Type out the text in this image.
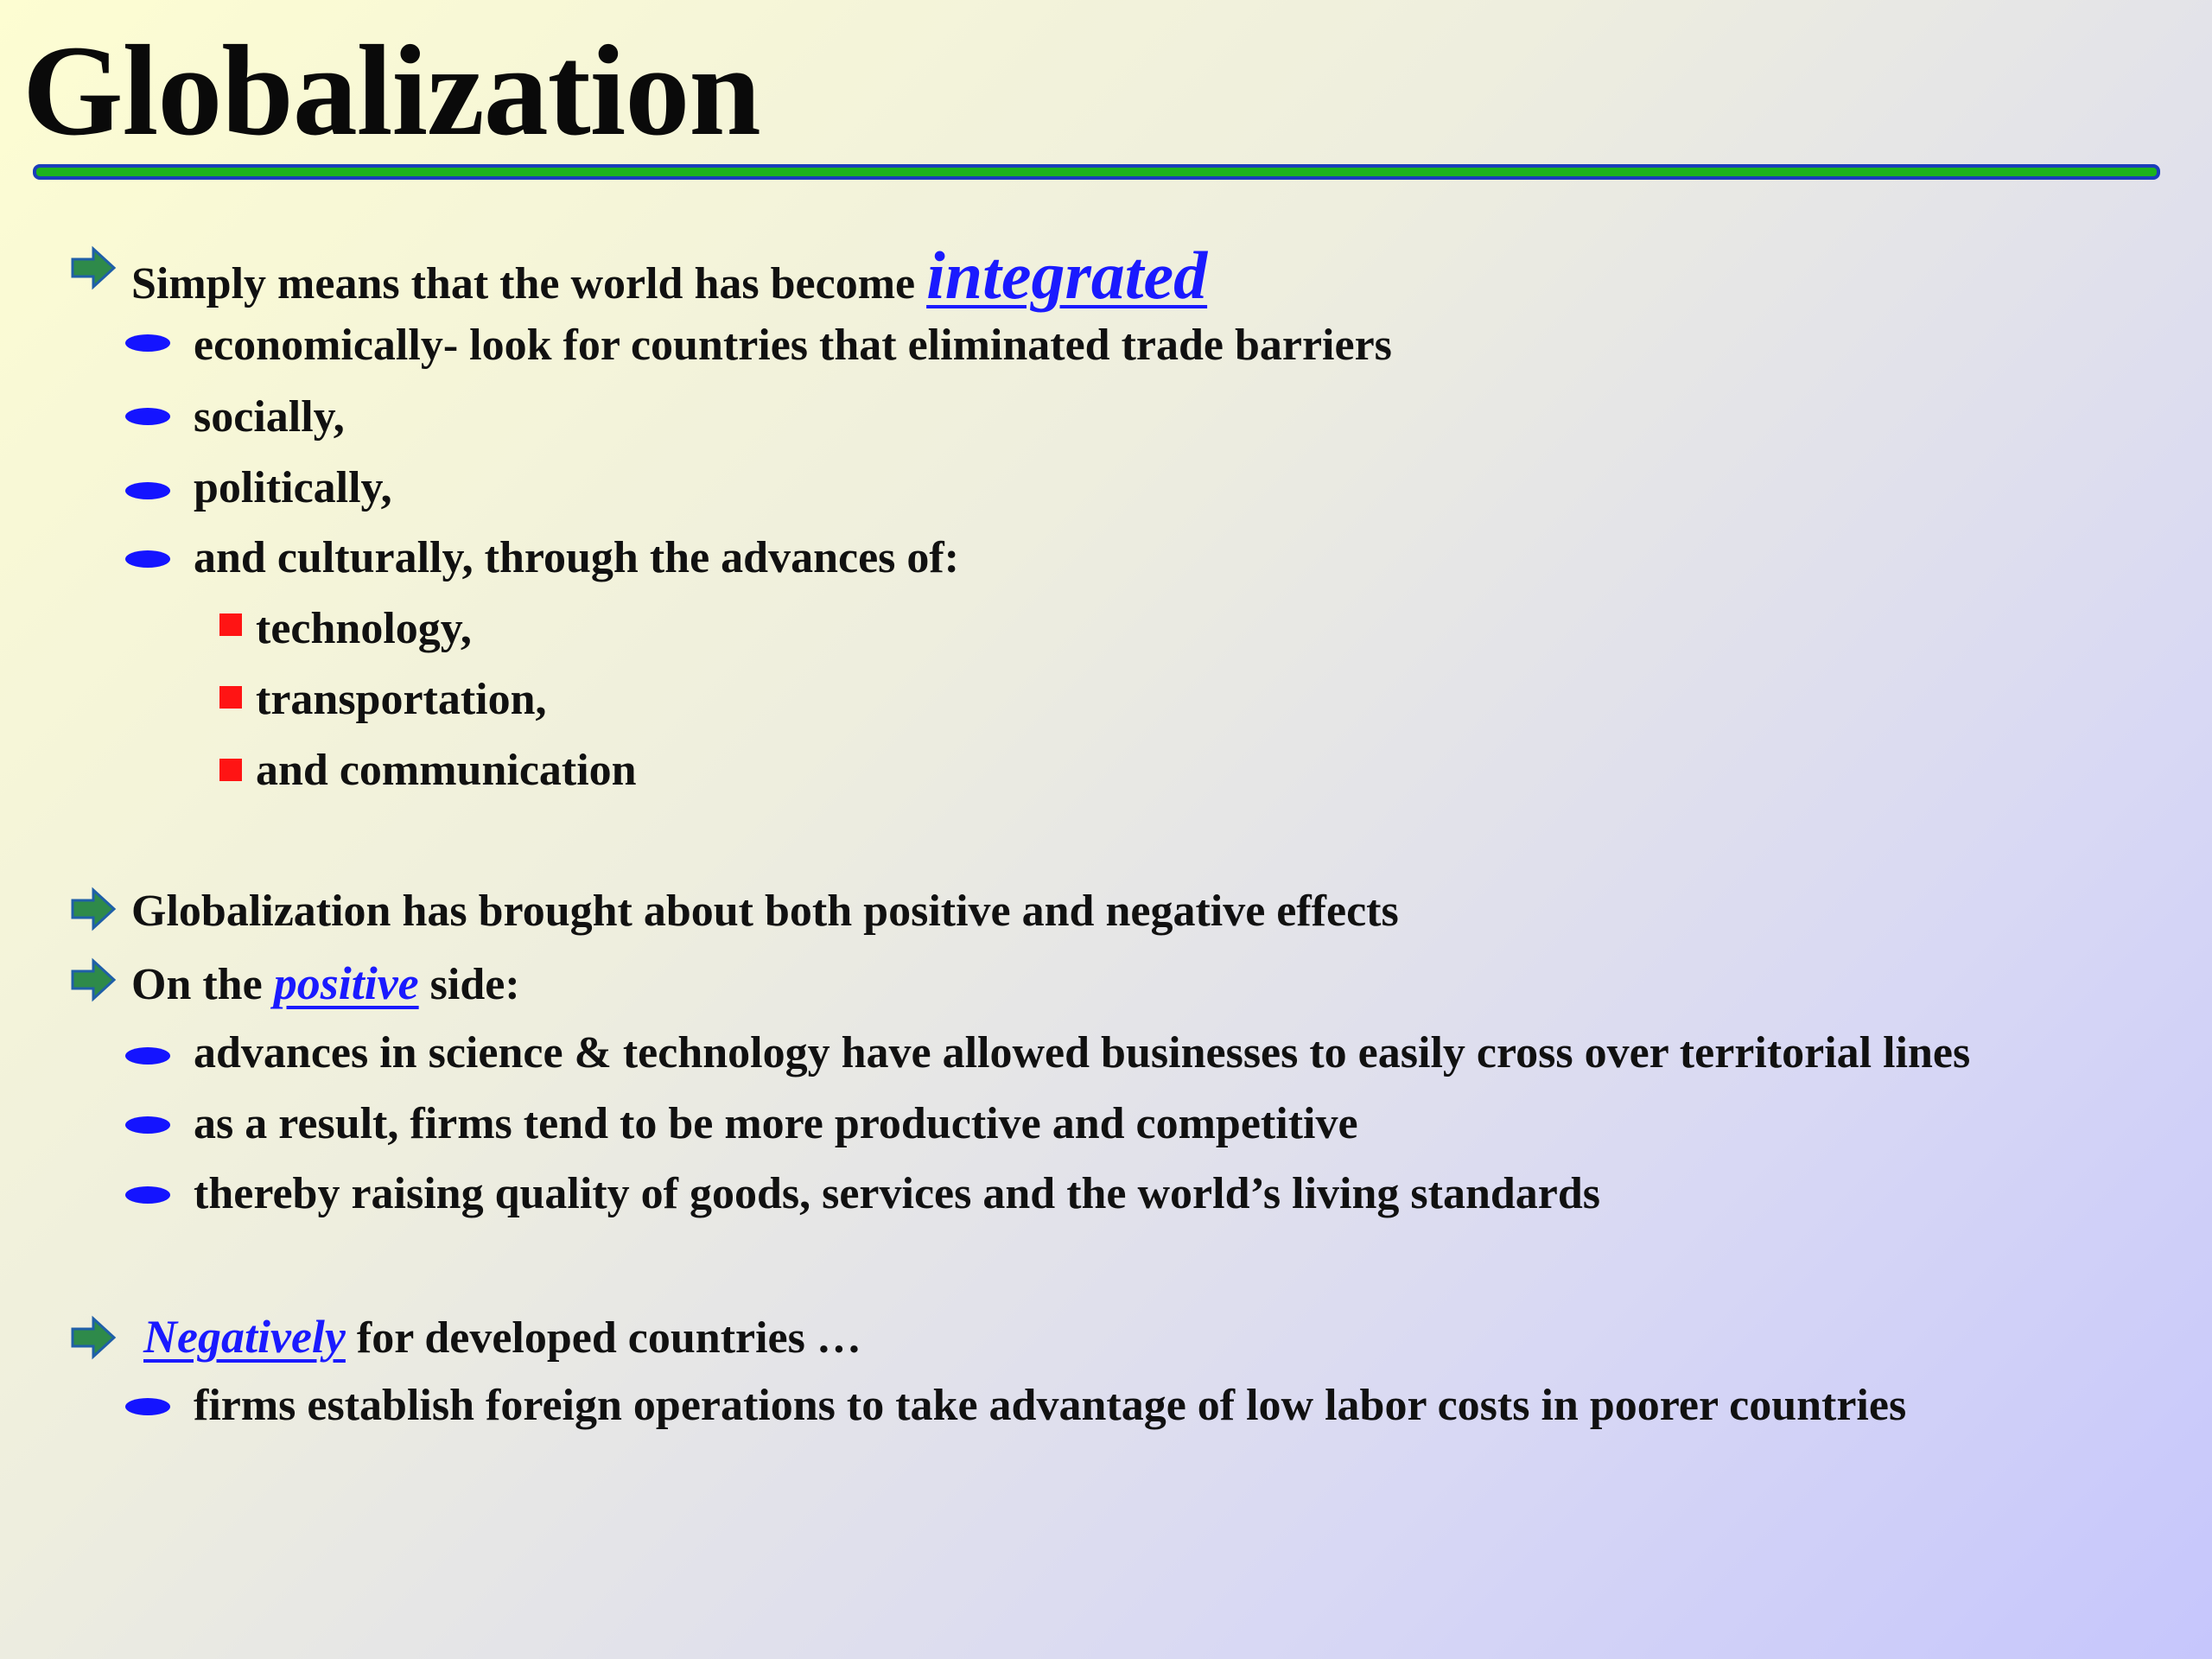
Globalization
Simply means that the world has become integrated
economically- look for countries that eliminated trade barriers
socially,
politically,
and culturally, through the advances of:
technology,
transportation,
and communication
Globalization has brought about both positive and negative effects
On the positive side:
advances in science & technology have allowed businesses to easily cross over territorial lines
as a result, firms tend to be more productive and competitive
thereby raising quality of goods, services and the world’s living standards
Negatively for developed countries …
firms establish foreign operations to take advantage of low labor costs in poorer countries
